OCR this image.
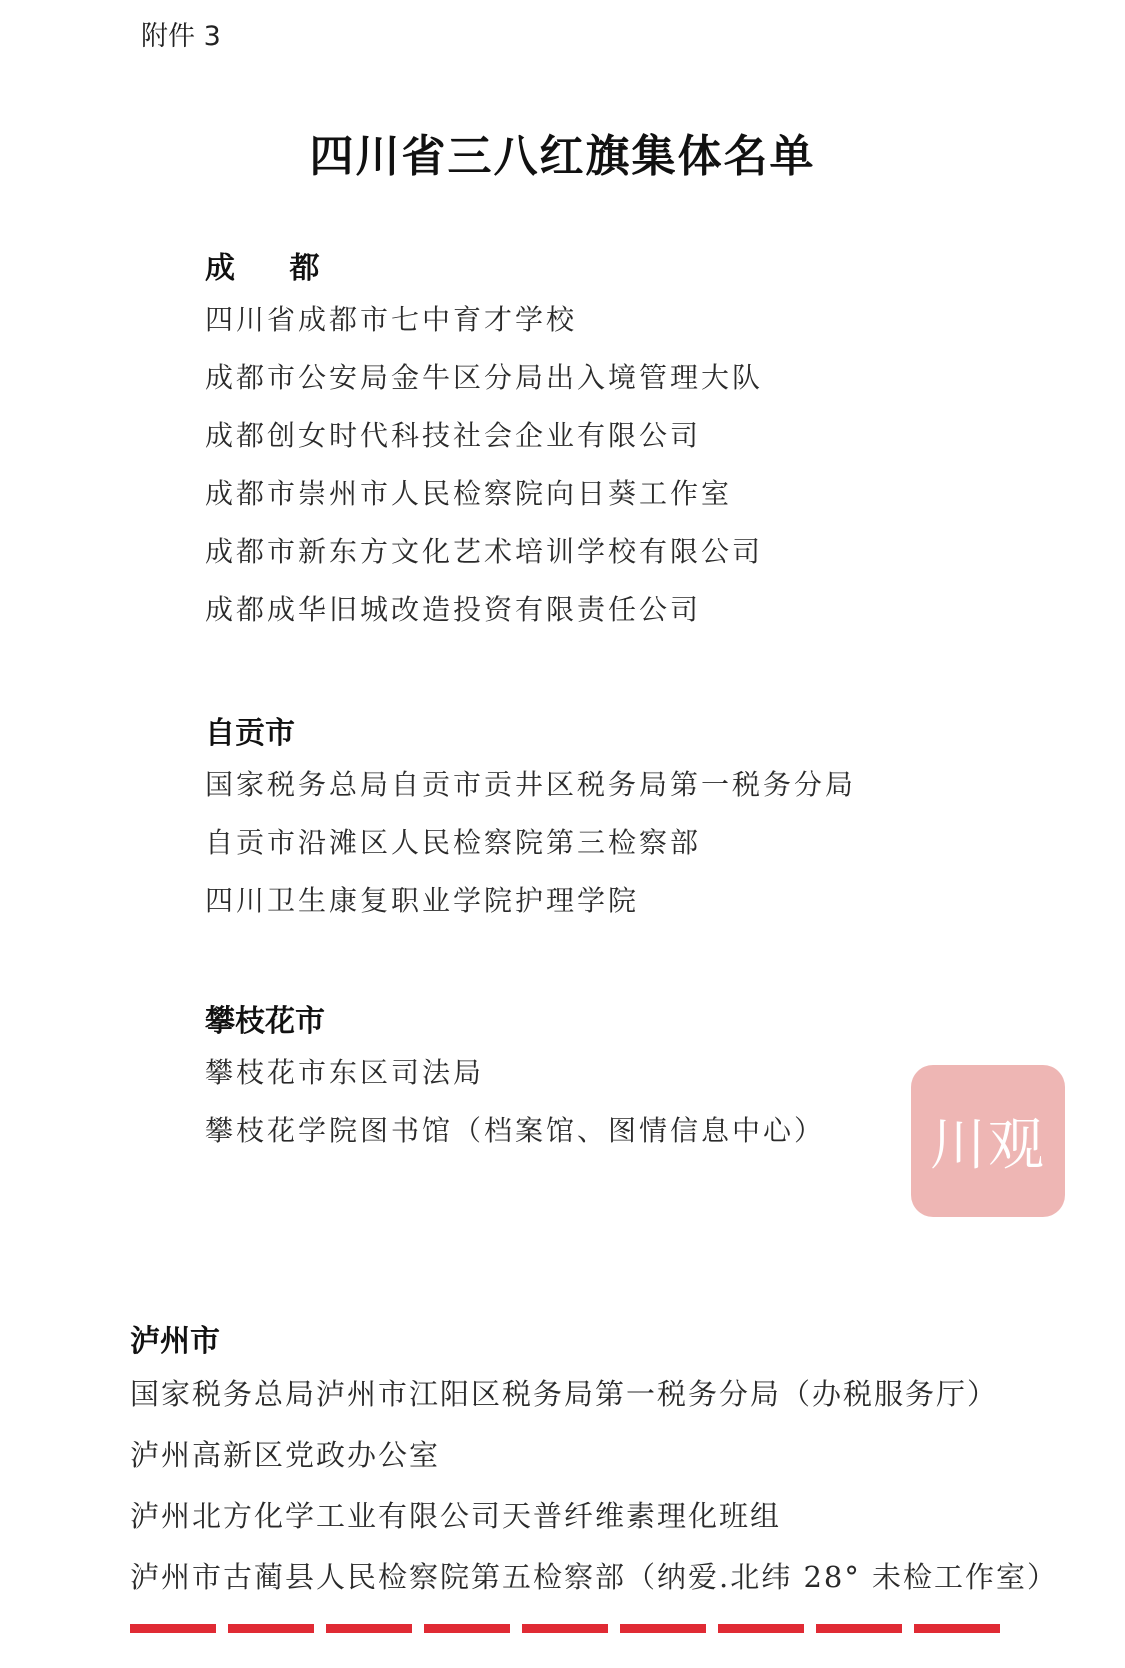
附件 3
四川省三八红旗集体名单
成 都
四川省成都市七中育才学校
成都市公安局金牛区分局出入境管理大队
成都创女时代科技社会企业有限公司
成都市崇州市人民检察院向日葵工作室
成都市新东方文化艺术培训学校有限公司
成都成华旧城改造投资有限责任公司
自贡市
国家税务总局自贡市贡井区税务局第一税务分局
自贡市沿滩区人民检察院第三检察部
四川卫生康复职业学院护理学院
攀枝花市
攀枝花市东区司法局
攀枝花学院图书馆（档案馆、图情信息中心）
泸州市
国家税务总局泸州市江阳区税务局第一税务分局（办税服务厅）
泸州高新区党政办公室
泸州北方化学工业有限公司天普纤维素理化班组
泸州市古蔺县人民检察院第五检察部（纳爱.北纬 28° 未检工作室）
川观
